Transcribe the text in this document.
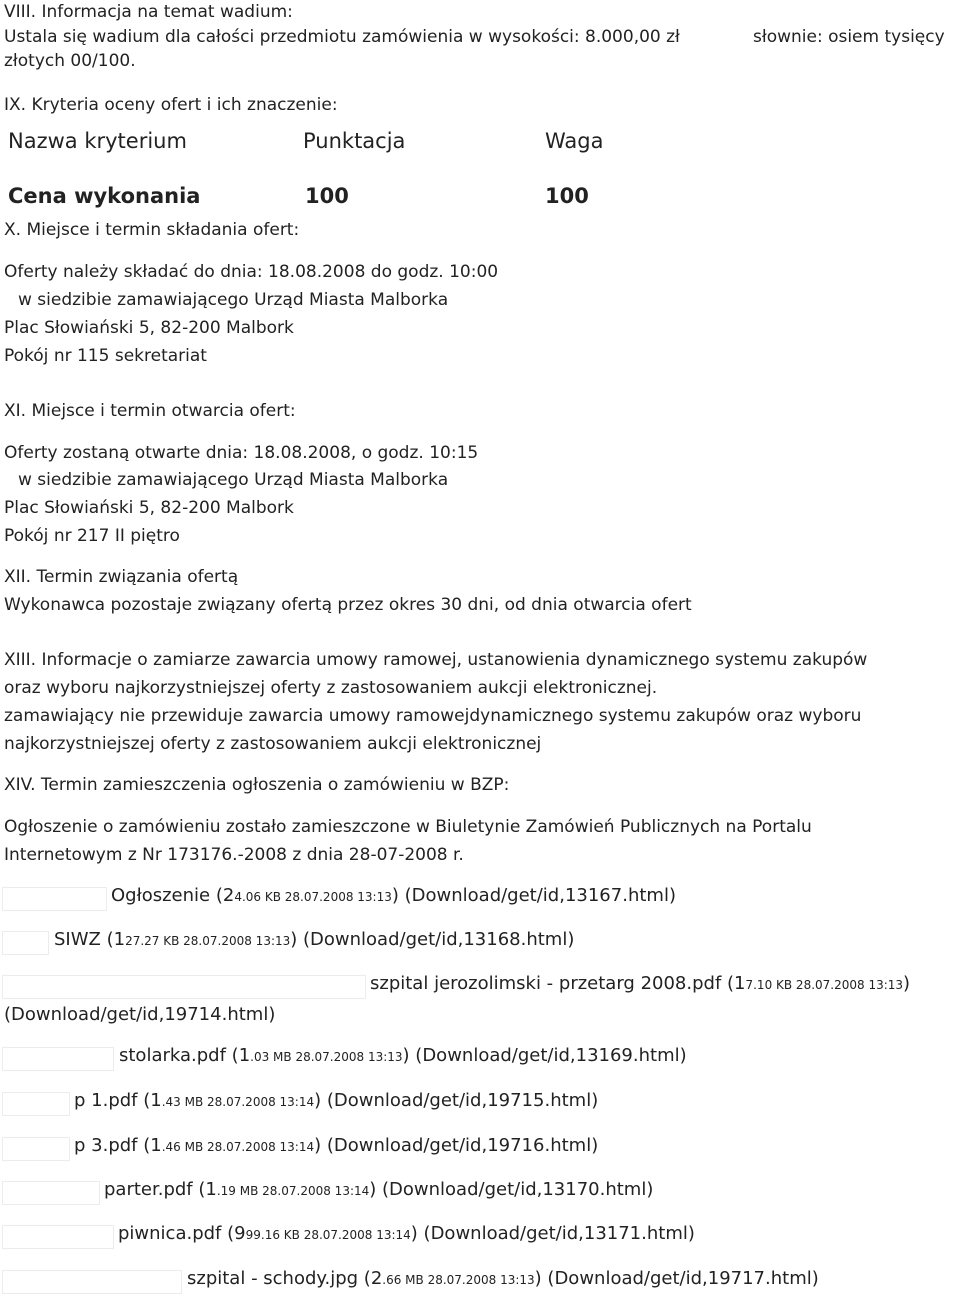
VIII. Informacja na temat wadium:
Ustala się wadium dla całości przedmiotu zamówienia w wysokości: 8.000,00 zł	słownie: osiem tysięcy
złotych 00/100.
IX. Kryteria oceny ofert i ich znaczenie:
Nazwa kryterium	Punktacja	Waga
Cena wykonania	100	100
X. Miejsce i termin składania ofert:
Oferty należy składać do dnia: 18.08.2008 do godz. 10:00
w siedzibie zamawiającego Urząd Miasta Malborka
Plac Słowiański 5, 82-200 Malbork
Pokój nr 115 sekretariat
XI. Miejsce i termin otwarcia ofert:
Oferty zostaną otwarte dnia: 18.08.2008, o godz. 10:15
w siedzibie zamawiającego Urząd Miasta Malborka
Plac Słowiański 5, 82-200 Malbork
Pokój nr 217 II piętro
XII. Termin związania ofertą
Wykonawca pozostaje związany ofertą przez okres 30 dni, od dnia otwarcia ofert
XIII. Informacje o zamiarze zawarcia umowy ramowej, ustanowienia dynamicznego systemu zakupów
oraz wyboru najkorzystniejszej oferty z zastosowaniem aukcji elektronicznej.
zamawiający nie przewiduje zawarcia umowy ramowejdynamicznego systemu zakupów oraz wyboru
najkorzystniejszej oferty z zastosowaniem aukcji elektronicznej
XIV. Termin zamieszczenia ogłoszenia o zamówieniu w BZP:
Ogłoszenie o zamówieniu zostało zamieszczone w Biuletynie Zamówień Publicznych na Portalu
Internetowym z Nr 173176.-2008 z dnia 28-07-2008 r.
Ogłoszenie (24.06 KB 28.07.2008 13:13) (Download/get/id,13167.html)
SIWZ (127.27 KB 28.07.2008 13:13) (Download/get/id,13168.html)
szpital jerozolimski - przetarg 2008.pdf (17.10 KB 28.07.2008 13:13)
(Download/get/id,19714.html)
stolarka.pdf (1.03 MB 28.07.2008 13:13) (Download/get/id,13169.html)
p 1.pdf (1.43 MB 28.07.2008 13:14) (Download/get/id,19715.html)
p 3.pdf (1.46 MB 28.07.2008 13:14) (Download/get/id,19716.html)
parter.pdf (1.19 MB 28.07.2008 13:14) (Download/get/id,13170.html)
piwnica.pdf (999.16 KB 28.07.2008 13:14) (Download/get/id,13171.html)
szpital - schody.jpg (2.66 MB 28.07.2008 13:13) (Download/get/id,19717.html)
